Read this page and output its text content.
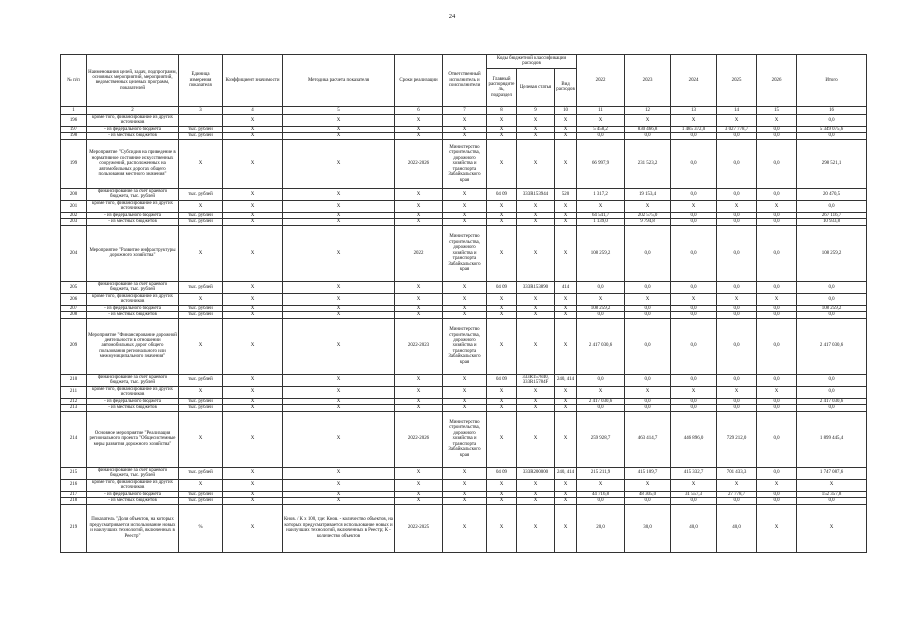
24
№ п/п	Наименования целей, задач, подпрограмм, основных мероприятий, мероприятий, ведомственных целевых программ, показателей	Единица измерения показателя	Коэффициент значимости	Методика расчета показателя	Сроки реализации	Ответственный исполнитель и соисполнители	Коды бюджетной классификации расходов			2022	2023	2024	2025	2026	Итого
							Главный распорядитель, подраздел	Целевая статья	Вид расходов						
1	2	3	4	5	6	7	8	9	10	11	12	13	14	15	16
196	кроме того, финансирование из других источников		X	X	X	X	X	X	X	X	X	X	X	X	0,0
197	- из федерального бюджета	тыс. рублей	X	X	X	X	X	X	X	5 458,2	830 466,8	1 485 372,0	3 027 778,7	0,0	5 349 075,6
198	- из местных бюджетов	тыс. рублей	X	X	X	X	X	X	X	0,0	0,0	0,0	0,0	0,0	0,0
199	Мероприятие "Субсидия на приведение в нормативное состояние искусственных сооружений, расположенных на автомобильных дорогах общего пользования местного значения"	X	X	X	2022-2026	Министерство строительства, дорожного хозяйства и транспорта Забайкальского края	X	X	X	66 997,9	231 523,2	0,0	0,0	0,0	298 521,1
200	финансирование за счет краевого бюджета, тыс. рублей	тыс. рублей	X	X	X	X	04 09	333R153944	520	1 317,2	19 153,4	0,0	0,0	0,0	20 470,5
201	кроме того, финансирование из других источников	X	X	X	X	X	X	X	X	X	X	X	X	X	0,0
202	- из федерального бюджета	тыс. рублей	X	X	X	X	X	X	X	64 541,7	202 575,0	0,0	0,0	0,0	267 116,7
203	- из местных бюджетов	тыс. рублей	X	X	X	X	X	X	X	1 139,0	9 794,8	0,0	0,0	0,0	10 933,8
204	Мероприятие "Развитие инфраструктуры дорожного хозяйства"	X	X	X	2022	Министерство строительства, дорожного хозяйства и транспорта Забайкальского края	X	X	X	108 259,2	0,0	0,0	0,0	0,0	108 259,2
205	финансирование за счет краевого бюджета, тыс. рублей	тыс. рублей	X	X	X	X	04 09	333R153890	414	0,0	0,0	0,0	0,0	0,0	0,0
206	кроме того, финансирование из других источников	X	X	X	X	X	X	X	X	X	X	X	X	X	0,0
207	- из федерального бюджета	тыс. рублей	X	X	X	X	X	X	X	108 259,2	0,0	0,0	0,0	0,0	108 259,2
208	- из местных бюджетов	тыс. рублей	X	X	X	X	X	X	X	0,0	0,0	0,0	0,0	0,0	0,0
209	Мероприятие "Финансирование дорожной деятельности в отношении автомобильных дорог общего пользования регионального или межмуниципального значения"	X	X	X	2022-2023	Министерство строительства, дорожного хозяйства и транспорта Забайкальского края	X	X	X	2 417 030,6	0,0	0,0	0,0	0,0	2 417 030,6
210	финансирование за счет краевого бюджета, тыс. рублей	тыс. рублей	X	X	X	X	04 09	333R157840, 333R15784F	240, 414	0,0	0,0	0,0	0,0	0,0	0,0
211	кроме того, финансирование из других источников	X	X	X	X	X	X	X	X	X	X	X	X	X	0,0
212	- из федерального бюджета	тыс. рублей	X	X	X	X	X	X	X	2 417 030,6	0,0	0,0	0,0	0,0	2 417 030,6
213	- из местных бюджетов	тыс. рублей	X	X	X	X	X	X	X	0,0	0,0	0,0	0,0	0,0	0,0
214	Основное мероприятие "Реализация регионального проекта "Общесистемные меры развития дорожного хозяйства"	X	X	X	2022-2026	Министерство строительства, дорожного хозяйства и транспорта Забайкальского края	X	X	X	259 928,7	463 414,7	446 896,0	729 212,0	0,0	1 899 445,4
215	финансирование за счет краевого бюджета, тыс. рублей	тыс. рублей	X	X	X	X	04 09	333R200000	240, 414	215 211,9	415 109,7	415 332,7	701 433,3	0,0	1 747 087,6
216	кроме того, финансирование из других источников	X	X	X	X	X	X	X	X	X	X	X	X	X	X
217	- из федерального бюджета	тыс. рублей	X	X	X	X	X	X	X	44 716,8	48 305,0	31 557,3	27 778,7	0,0	152 357,8
218	- из местных бюджетов	тыс. рублей	X	X	X	X	X	X	X	0,0	0,0	0,0	0,0	0,0	0,0
219	Показатель "Доля объектов, на которых предусматривается использование новых и наилучших технологий, включенных в Реестр"	%	X	Кнов. / К х 100, где: Кнов. - количество объектов, на которых предусматривается использование новых и наилучших технологий, включенных в Реестр; К - количество объектов	2022-2025	X	X	X	X	20,0	30,0	40,0	40,0	X	X
